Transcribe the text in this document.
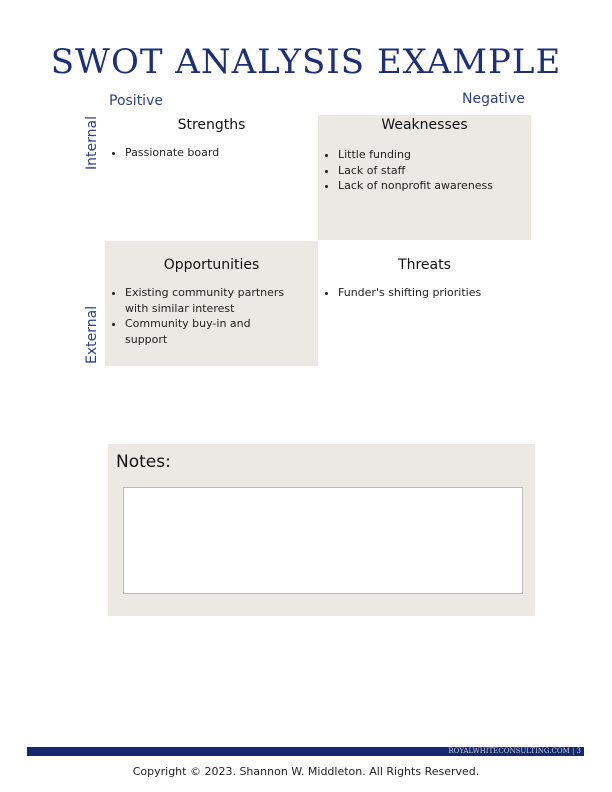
SWOT ANALYSIS EXAMPLE
Positive	Negative
Internal
External
Strengths
• Passionate board
Weaknesses
• Little funding
• Lack of staff
• Lack of nonprofit awareness
Opportunities
• Existing community partners with similar interest
• Community buy-in and support
Threats
• Funder's shifting priorities
Notes:
ROYALWHITECONSULTING.COM | 3
Copyright © 2023. Shannon W. Middleton. All Rights Reserved.
